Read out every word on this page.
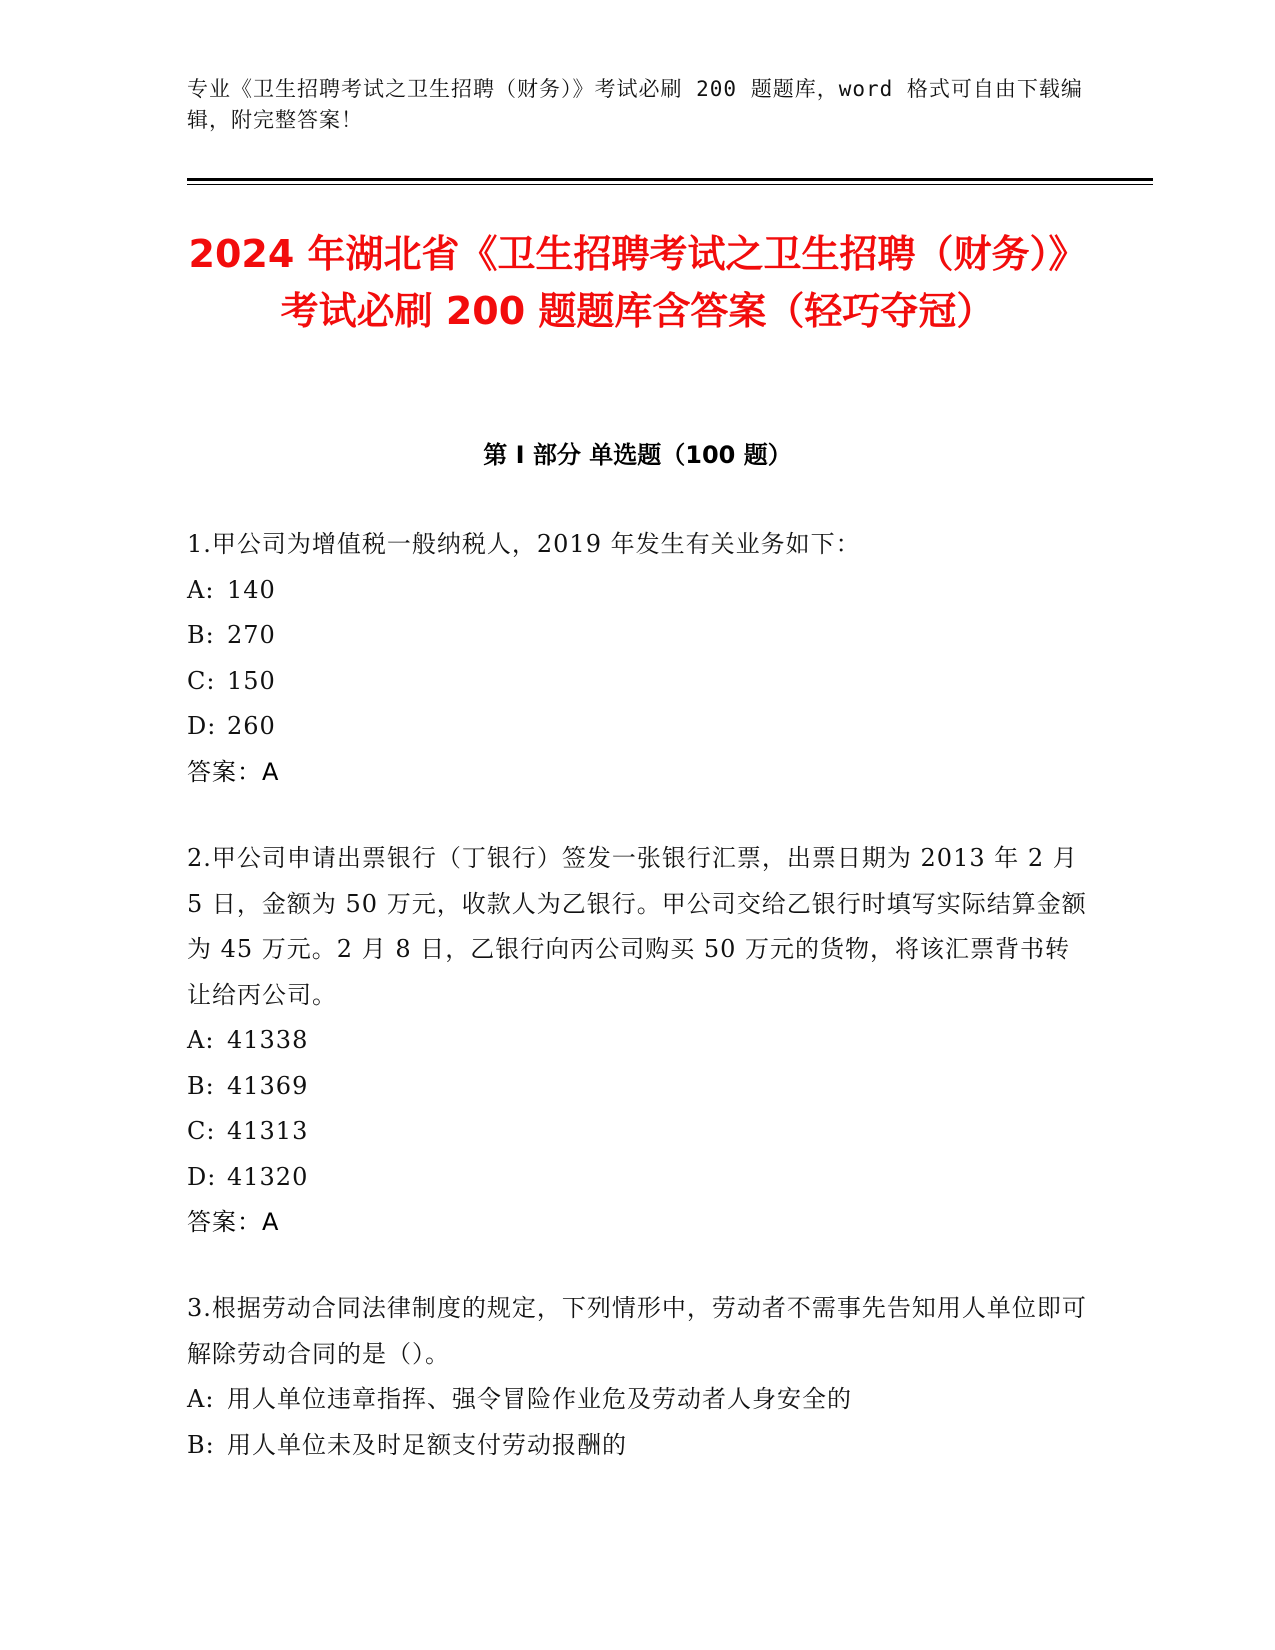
专业《卫生招聘考试之卫生招聘（财务）》考试必刷 200 题题库，word 格式可自由下载编辑，附完整答案！

2024 年湖北省《卫生招聘考试之卫生招聘（财务）》考试必刷 200 题题库含答案（轻巧夺冠）
第 I 部分 单选题（100 题）

1.甲公司为增值税一般纳税人，2019 年发生有关业务如下：

A: 140
B: 270
C: 150
D: 260

答案：A

2.甲公司申请出票银行（丁银行）签发一张银行汇票，出票日期为 2013 年 2 月 5 日，金额为 50 万元，收款人为乙银行。甲公司交给乙银行时填写实际结算金额为 45 万元。2 月 8 日，乙银行向丙公司购买 50 万元的货物，将该汇票背书转让给丙公司。

A: 41338
B: 41369
C: 41313
D: 41320

答案：A

3.根据劳动合同法律制度的规定，下列情形中，劳动者不需事先告知用人单位即可解除劳动合同的是（）。

A: 用人单位违章指挥、强令冒险作业危及劳动者人身安全的
B: 用人单位未及时足额支付劳动报酬的
